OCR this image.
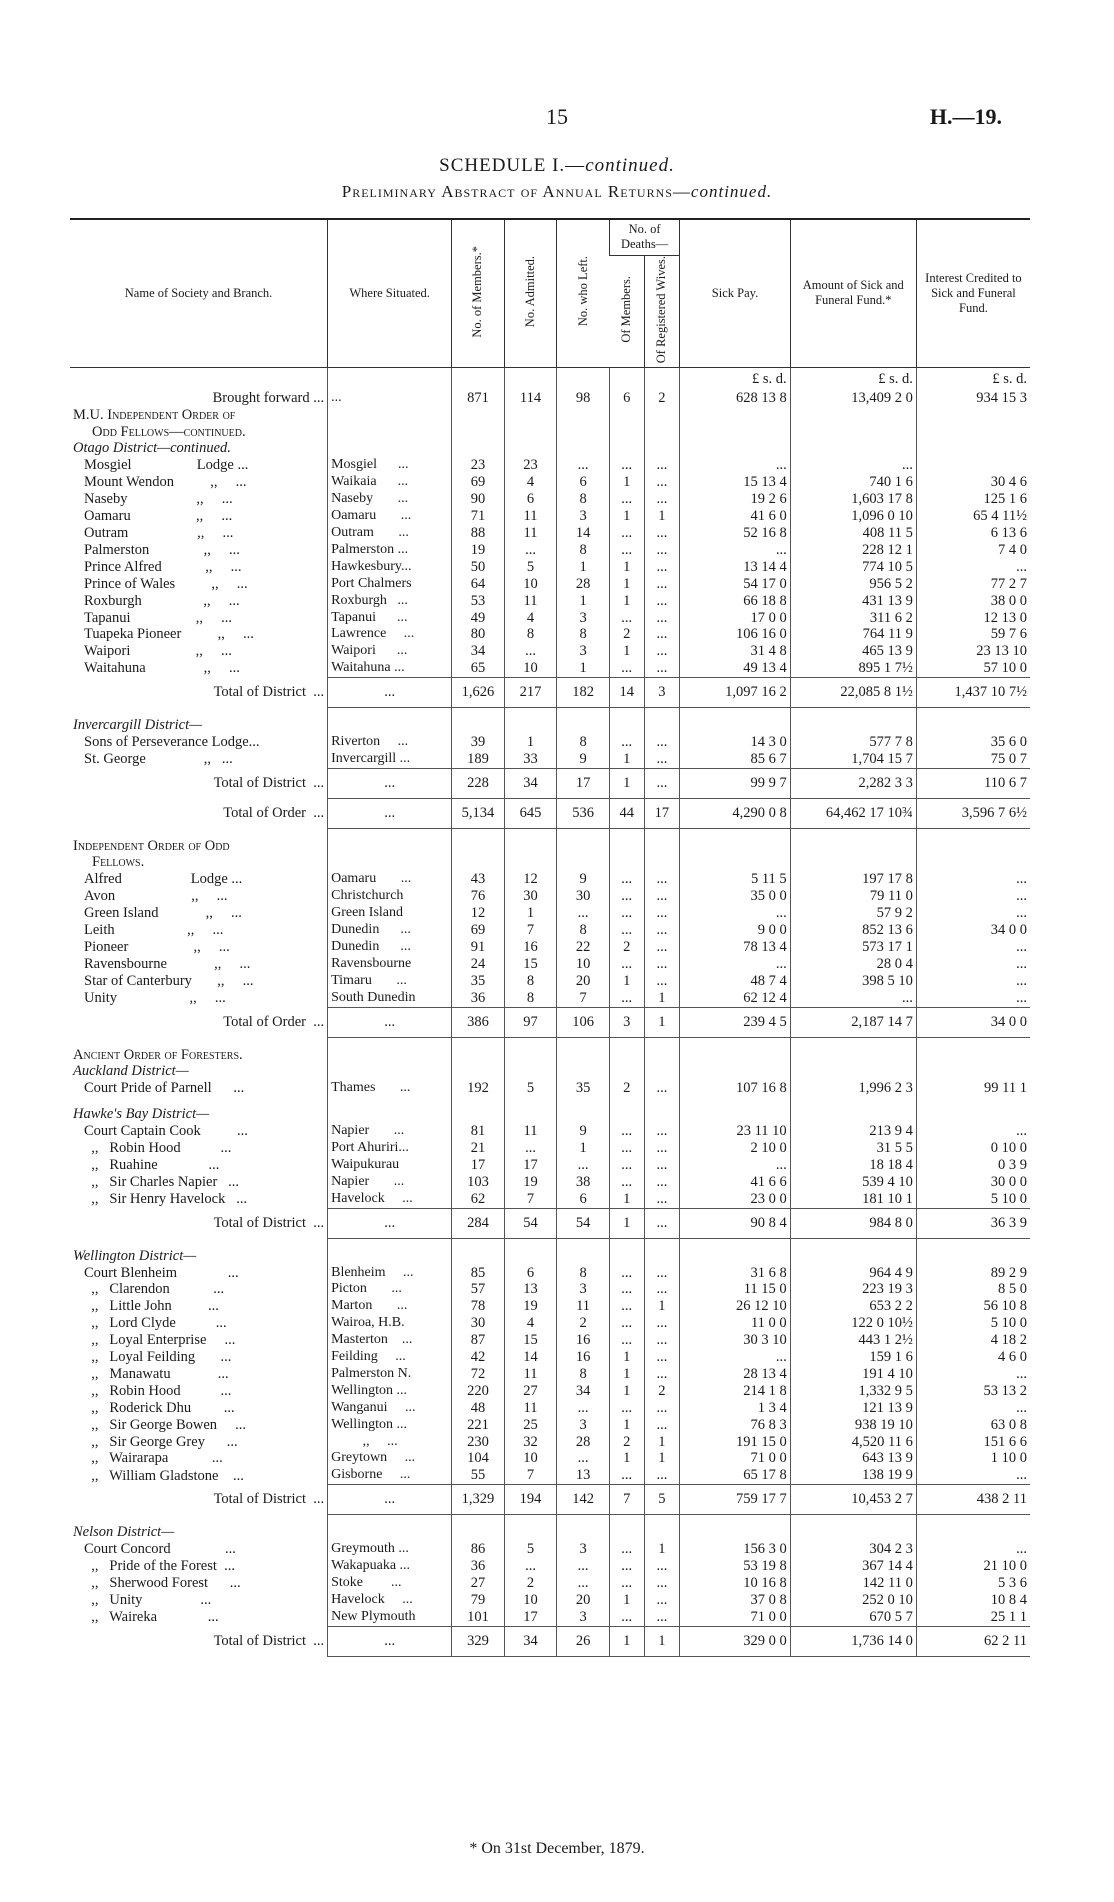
15	H.—19.
SCHEDULE I.—continued.
Preliminary Abstract of Annual Returns—continued.
Name of Society and Branch.	Where Situated.	No. of Members.*	No. Admitted.	No. who Left.	No. of Deaths—		Sick Pay.	Amount of Sick and Funeral Fund.*	Interest Credited to Sick and Funeral Fund.
					Of Members.	Of Registered Wives.			
							£ s. d.	£ s. d.	£ s. d.
Brought forward ...	...	871	114	98	6	2	628 13 8	13,409 2 0	934 15 3
M.U. Independent Order of									
Odd Fellows—continued.									
Otago District—continued.									
Mosgiel                  Lodge ...	Mosgiel      ...	23	23	...	...	...	...	...	
Mount Wendon          ,,     ...	Waikaia      ...	69	4	6	1	...	15 13 4	740 1 6	30 4 6
Naseby                   ,,     ...	Naseby       ...	90	6	8	...	...	19 2 6	1,603 17 8	125 1 6
Oamaru                  ,,     ...	Oamaru       ...	71	11	3	1	1	41 6 0	1,096 0 10	65 4 11½
Outram                   ,,     ...	Outram       ...	88	11	14	...	...	52 16 8	408 11 5	6 13 6
Palmerston               ,,     ...	Palmerston ...	19	...	8	...	...	...	228 12 1	7 4 0
Prince Alfred            ,,     ...	Hawkesbury...	50	5	1	1	...	13 14 4	774 10 5	...
Prince of Wales          ,,     ...	Port Chalmers	64	10	28	1	...	54 17 0	956 5 2	77 2 7
Roxburgh                 ,,     ...	Roxburgh   ...	53	11	1	1	...	66 18 8	431 13 9	38 0 0
Tapanui                  ,,     ...	Tapanui      ...	49	4	3	...	...	17 0 0	311 6 2	12 13 0
Tuapeka Pioneer          ,,     ...	Lawrence     ...	80	8	8	2	...	106 16 0	764 11 9	59 7 6
Waipori                  ,,     ...	Waipori      ...	34	...	3	1	...	31 4 8	465 13 9	23 13 10
Waitahuna                ,,     ...	Waitahuna ...	65	10	1	...	...	49 13 4	895 1 7½	57 10 0
Total of District  ...	...	1,626	217	182	14	3	1,097 16 2	22,085 8 1½	1,437 10 7½

Invercargill District—									
Sons of Perseverance Lodge...	Riverton     ...	39	1	8	...	...	14 3 0	577 7 8	35 6 0
St. George                ,,   ...	Invercargill ...	189	33	9	1	...	85 6 7	1,704 15 7	75 0 7
Total of District  ...	...	228	34	17	1	...	99 9 7	2,282 3 3	110 6 7
Total of Order  ...	...	5,134	645	536	44	17	4,290 0 8	64,462 17 10¾	3,596 7 6½

Independent Order of Odd									
Fellows.									
Alfred                   Lodge ...	Oamaru       ...	43	12	9	...	...	5 11 5	197 17 8	...
Avon                     ,,     ...	Christchurch	76	30	30	...	...	35 0 0	79 11 0	...
Green Island             ,,     ...	Green Island	12	1	...	...	...	...	57 9 2	...
Leith                    ,,     ...	Dunedin      ...	69	7	8	...	...	9 0 0	852 13 6	34 0 0
Pioneer                  ,,     ...	Dunedin      ...	91	16	22	2	...	78 13 4	573 17 1	...
Ravensbourne             ,,     ...	Ravensbourne	24	15	10	...	...	...	28 0 4	...
Star of Canterbury       ,,     ...	Timaru       ...	35	8	20	1	...	48 7 4	398 5 10	...
Unity                    ,,     ...	South Dunedin	36	8	7	...	1	62 12 4	...	...
Total of Order  ...	...	386	97	106	3	1	239 4 5	2,187 14 7	34 0 0

Ancient Order of Foresters.									
Auckland District—									
Court Pride of Parnell      ...	Thames       ...	192	5	35	2	...	107 16 8	1,996 2 3	99 11 1

Hawke's Bay District—									
Court Captain Cook          ...	Napier       ...	81	11	9	...	...	23 11 10	213 9 4	...
,,   Robin Hood           ...	Port Ahuriri...	21	...	1	...	...	2 10 0	31 5 5	0 10 0
,,   Ruahine              ...	Waipukurau	17	17	...	...	...	...	18 18 4	0 3 9
,,   Sir Charles Napier   ...	Napier       ...	103	19	38	...	...	41 6 6	539 4 10	30 0 0
,,   Sir Henry Havelock   ...	Havelock     ...	62	7	6	1	...	23 0 0	181 10 1	5 10 0
Total of District  ...	...	284	54	54	1	...	90 8 4	984 8 0	36 3 9

Wellington District—									
Court Blenheim              ...	Blenheim     ...	85	6	8	...	...	31 6 8	964 4 9	89 2 9
,,   Clarendon            ...	Picton       ...	57	13	3	...	...	11 15 0	223 19 3	8 5 0
,,   Little John          ...	Marton       ...	78	19	11	...	1	26 12 10	653 2 2	56 10 8
,,   Lord Clyde           ...	Wairoa, H.B.	30	4	2	...	...	11 0 0	122 0 10½	5 10 0
,,   Loyal Enterprise     ...	Masterton    ...	87	15	16	...	...	30 3 10	443 1 2½	4 18 2
,,   Loyal Feilding       ...	Feilding     ...	42	14	16	1	...	...	159 1 6	4 6 0
,,   Manawatu             ...	Palmerston N.	72	11	8	1	...	28 13 4	191 4 10	...
,,   Robin Hood           ...	Wellington ...	220	27	34	1	2	214 1 8	1,332 9 5	53 13 2
,,   Roderick Dhu         ...	Wanganui     ...	48	11	...	...	...	1 3 4	121 13 9	...
,,   Sir George Bowen     ...	Wellington ...	221	25	3	1	...	76 8 3	938 19 10	63 0 8
,,   Sir George Grey      ...	,,     ...	230	32	28	2	1	191 15 0	4,520 11 6	151 6 6
,,   Wairarapa            ...	Greytown     ...	104	10	...	1	1	71 0 0	643 13 9	1 10 0
,,   William Gladstone    ...	Gisborne     ...	55	7	13	...	...	65 17 8	138 19 9	...
Total of District  ...	...	1,329	194	142	7	5	759 17 7	10,453 2 7	438 2 11

Nelson District—									
Court Concord               ...	Greymouth ...	86	5	3	...	1	156 3 0	304 2 3	...
,,   Pride of the Forest  ...	Wakapuaka ...	36	...	...	...	...	53 19 8	367 14 4	21 10 0
,,   Sherwood Forest      ...	Stoke        ...	27	2	...	...	...	10 16 8	142 11 0	5 3 6
,,   Unity                ...	Havelock     ...	79	10	20	1	...	37 0 8	252 0 10	10 8 4
,,   Waireka              ...	New Plymouth	101	17	3	...	...	71 0 0	670 5 7	25 1 1
Total of District  ...	...	329	34	26	1	1	329 0 0	1,736 14 0	62 2 11
* On 31st December, 1879.
